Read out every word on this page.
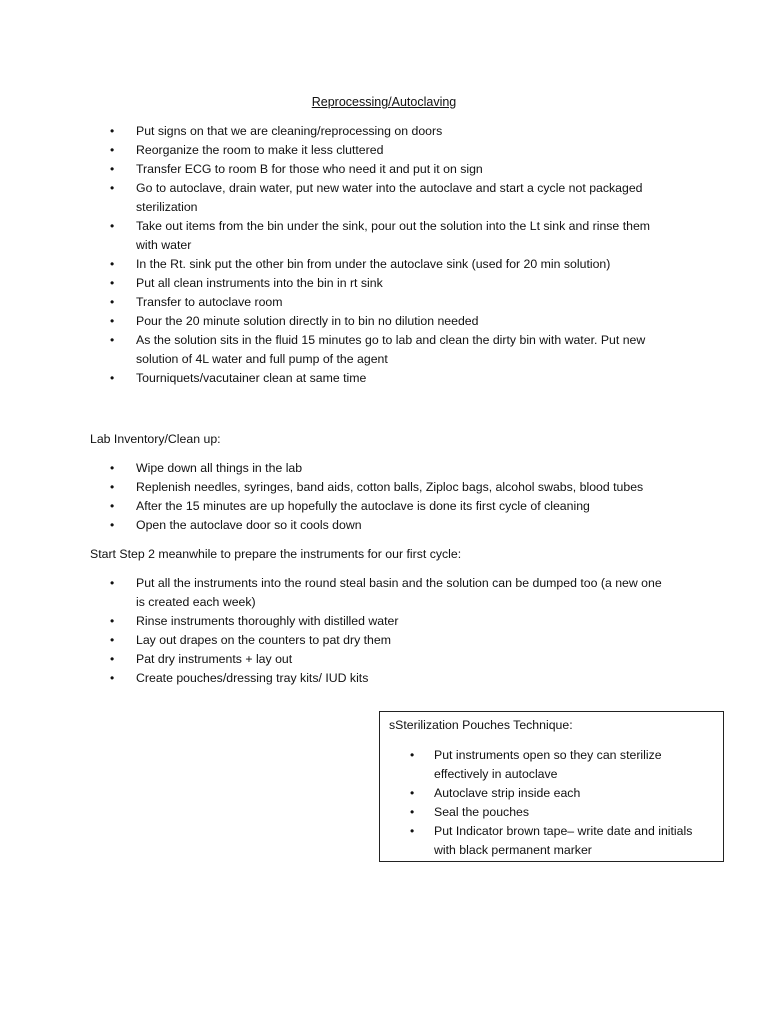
Reprocessing/Autoclaving
•	Put signs on that we are cleaning/reprocessing on doors
•	Reorganize the room to make it less cluttered
•	Transfer ECG to room B for those who need it and put it on sign
•	Go to autoclave, drain water, put new water into the autoclave and start a cycle not packaged sterilization
•	Take out items from the bin under the sink, pour out the solution into the Lt sink and rinse them with water
•	In the Rt. sink put the other bin from under the autoclave sink (used for 20 min solution)
•	Put all clean instruments into the bin in rt sink
•	Transfer to autoclave room
•	Pour the 20 minute solution directly in to bin no dilution needed
•	As the solution sits in the fluid 15 minutes go to lab and clean the dirty bin with water. Put new solution of 4L water and full pump of the agent
•	Tourniquets/vacutainer clean at same time
Lab Inventory/Clean up:
•	Wipe down all things in the lab
•	Replenish needles, syringes, band aids, cotton balls, Ziploc bags, alcohol swabs, blood tubes
•	After the 15 minutes are up hopefully the autoclave is done its first cycle of cleaning
•	Open the autoclave door so it cools down
Start Step 2 meanwhile to prepare the instruments for our first cycle:
•	Put all the instruments into the round steal basin and the solution can be dumped too (a new one is created each week)
•	Rinse instruments thoroughly with distilled water
•	Lay out drapes on the counters to pat dry them
•	Pat dry instruments + lay out
•	Create pouches/dressing tray kits/ IUD kits
sSterilization Pouches Technique:
•	Put instruments open so they can sterilize effectively in autoclave
•	Autoclave strip inside each
•	Seal the pouches
•	Put Indicator brown tape– write date and initials with black permanent marker
